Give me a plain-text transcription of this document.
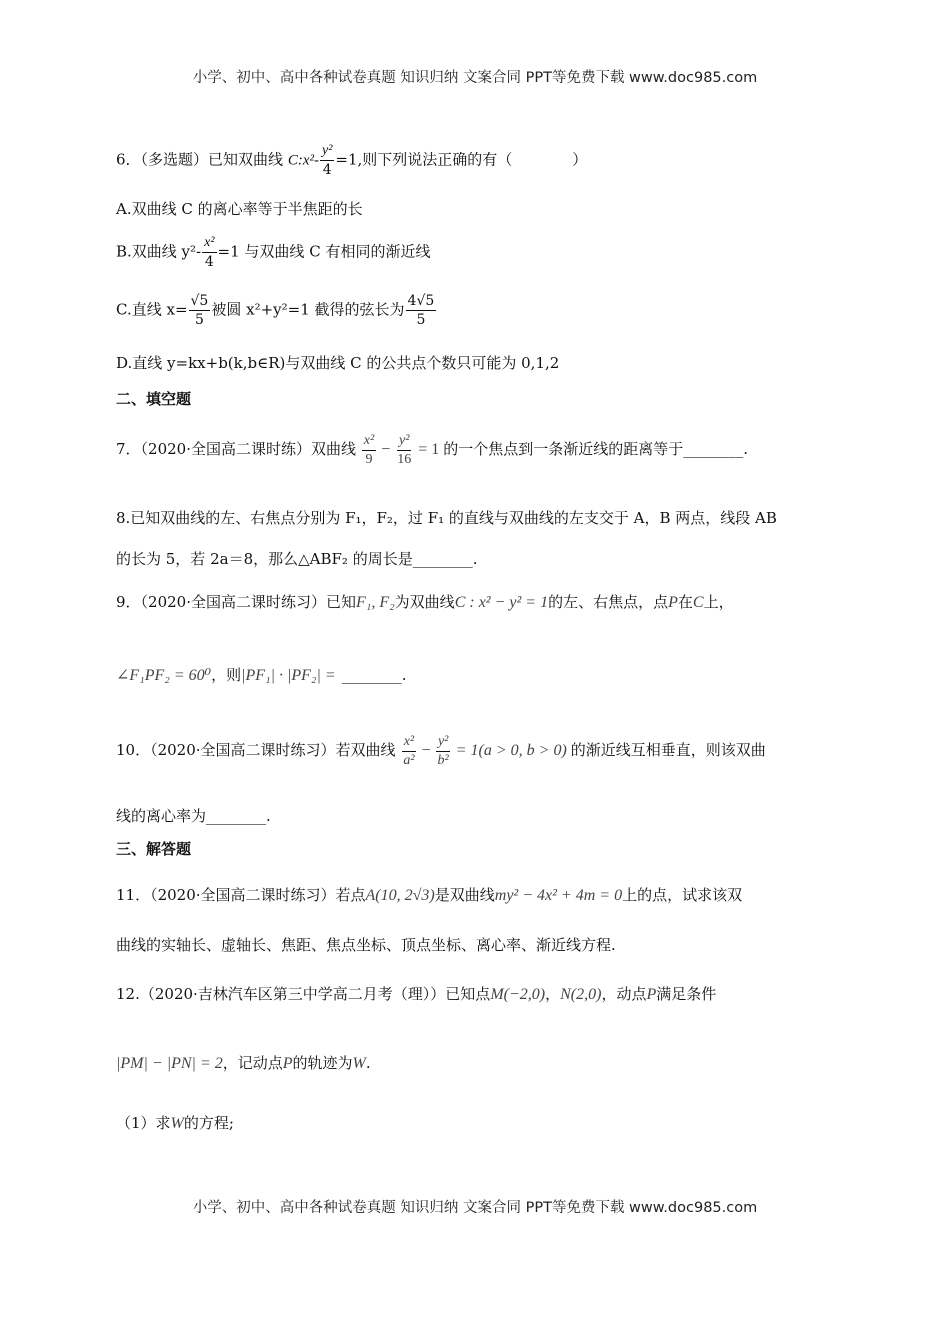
小学、初中、高中各种试卷真题 知识归纳 文案合同 PPT等免费下载 www.doc985.com
6．（多选题）已知双曲线 C:x²- $\frac{\text{y²}}{4} =1$,则下列说法正确的有（　　　　）
A.双曲线 C 的离心率等于半焦距的长
B.双曲线 $y^2- \frac{\text{x²}}{4} =1$ 与双曲线 C 有相同的渐近线
C.直线 $x= \frac{√5}{5}$ 被圆 x²+y²=1 截得的弦长为 $\frac{4√5}{5}$
D.直线 y=kx+b(k,b∈R)与双曲线 C 的公共点个数只可能为 0,1,2
二、填空题
7．（2020·全国高二课时练）双曲线 $\frac{\text{x²}}{9} - \frac{\text{y²}}{16} = 1$ 的一个焦点到一条渐近线的距离等于________.
8.已知双曲线的左、右焦点分别为 F₁，F₂，过 F₁ 的直线与双曲线的左支交于 A，B 两点，线段 AB
的长为 5，若 2a＝8，那么△ABF₂ 的周长是________.
9．（2020·全国高二课时练习）已知F₁, F₂为双曲线C : x² − y² = 1的左、右焦点，点P在C上，
∠F₁PF₂ = 60⁰，则|PF₁| · |PF₂| = ________.
10．（2020·全国高二课时练习）若双曲线 $\frac{\text{x²}}{\text{a²}} - \frac{\text{y²}}{\text{b²}} = 1(a > 0$, b > 0) 的渐近线互相垂直，则该双曲
线的离心率为________.
三、解答题
11．（2020·全国高二课时练习）若点A(10, 2√3)是双曲线my² − 4x² + 4m = 0上的点，试求该双
曲线的实轴长、虚轴长、焦距、焦点坐标、顶点坐标、离心率、渐近线方程.
12.（2020·吉林汽车区第三中学高二月考（理））已知点M(−2,0)，N(2,0)，动点P满足条件
|PM| − |PN| = 2，记动点P的轨迹为W.
（1）求W的方程;
小学、初中、高中各种试卷真题 知识归纳 文案合同 PPT等免费下载 www.doc985.com
